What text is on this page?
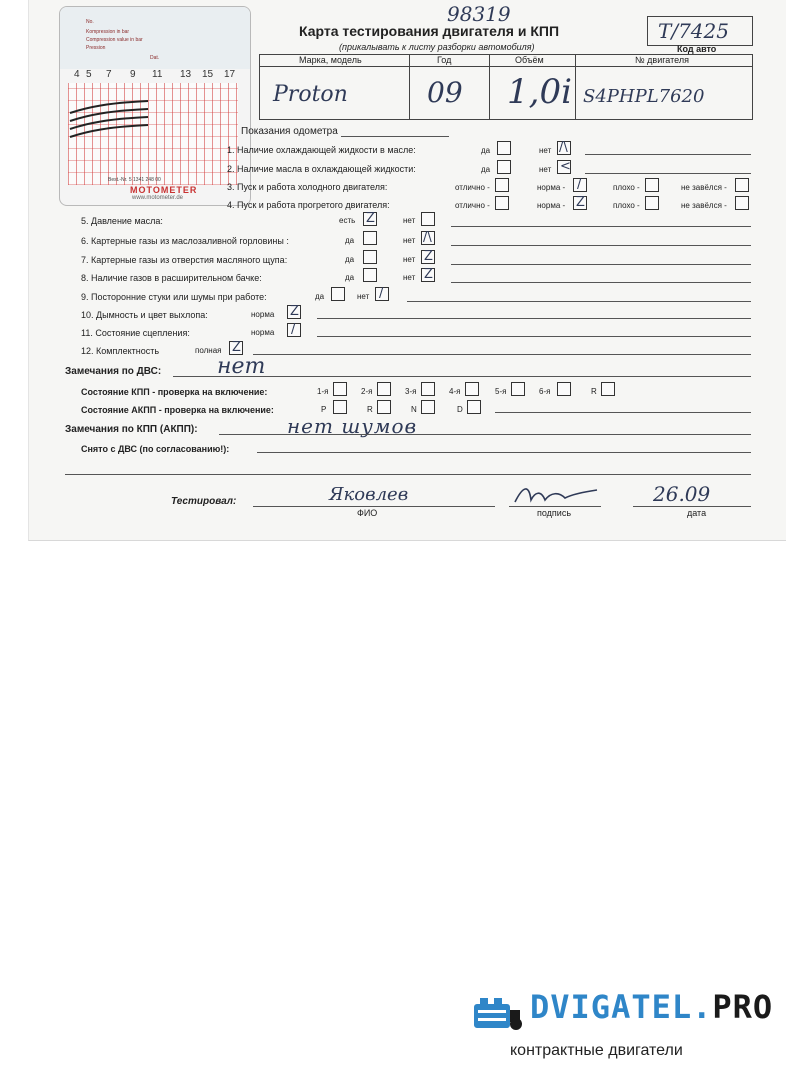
No.
Kompression in bar
Compression value in bar
Pression
Dat.
4 5 7 9 11 13 15 17
Best.-Nr. 5 1341 248 00
MOTOMETER
www.motometer.de
98319
Карта тестирования двигателя и КПП
(прикалывать к листу разборки автомобиля)
T/7425
Код авто
Марка, модель	Год	Объём	№ двигателя
Proton	09 1,0i S4PHPL7620
Показания одометра
1. Наличие охлаждающей жидкости в масле:	да	нет /\
2. Наличие масла в охлаждающей жидкости:	да	нет <
3. Пуск и работа холодного двигателя:	отлично -	норма - /	плохо -	не завёлся -
4. Пуск и работа прогретого двигателя:	отлично -	норма - Z	плохо -	не завёлся -
5. Давление масла:	есть Z	нет
6. Картерные газы из маслозаливной горловины :	да	нет /\
7. Картерные газы из отверстия масляного щупа:	да	нет Z
8. Наличие газов в расширительном бачке:	да	нет Z
9. Посторонние стуки или шумы при работе:	да	нет /
10. Дымность и цвет выхлопа:	норма Z
11. Состояние сцепления:	норма /
12. Комплектность	полная Z
Замечания по ДВС:	нет
Состояние КПП - проверка на включение:	1-я	2-я	3-я	4-я	5-я	6-я	R
Состояние АКПП - проверка на включение:	P	R	N	D
Замечания по КПП (АКПП):	нет шумов
Снято с ДВС (по согласованию!):
Тестировал:	Яковлев
ФИО	подпись
26.09
дата
DVIGATEL.PRO
контрактные двигатели
